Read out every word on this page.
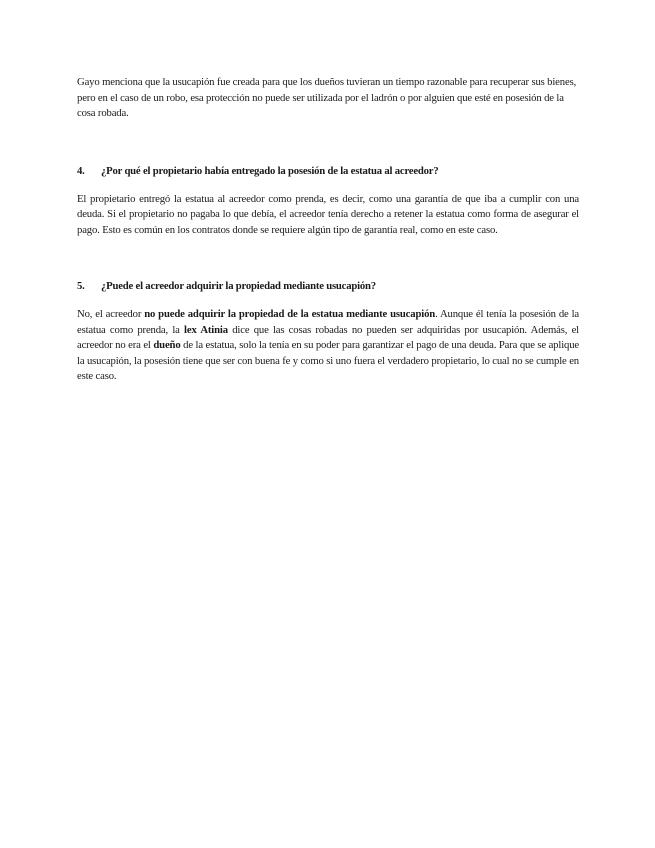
Gayo menciona que la usucapión fue creada para que los dueños tuvieran un tiempo razonable para recuperar sus bienes, pero en el caso de un robo, esa protección no puede ser utilizada por el ladrón o por alguien que esté en posesión de la cosa robada.

4.	¿Por qué el propietario había entregado la posesión de la estatua al acreedor?

El propietario entregó la estatua al acreedor como prenda, es decir, como una garantía de que iba a cumplir con una deuda. Si el propietario no pagaba lo que debía, el acreedor tenía derecho a retener la estatua como forma de asegurar el pago. Esto es común en los contratos donde se requiere algún tipo de garantía real, como en este caso.

5.	¿Puede el acreedor adquirir la propiedad mediante usucapión?

No, el acreedor no puede adquirir la propiedad de la estatua mediante usucapión. Aunque él tenía la posesión de la estatua como prenda, la lex Atinia dice que las cosas robadas no pueden ser adquiridas por usucapión. Además, el acreedor no era el dueño de la estatua, solo la tenía en su poder para garantizar el pago de una deuda. Para que se aplique la usucapión, la posesión tiene que ser con buena fe y como si uno fuera el verdadero propietario, lo cual no se cumple en este caso.
